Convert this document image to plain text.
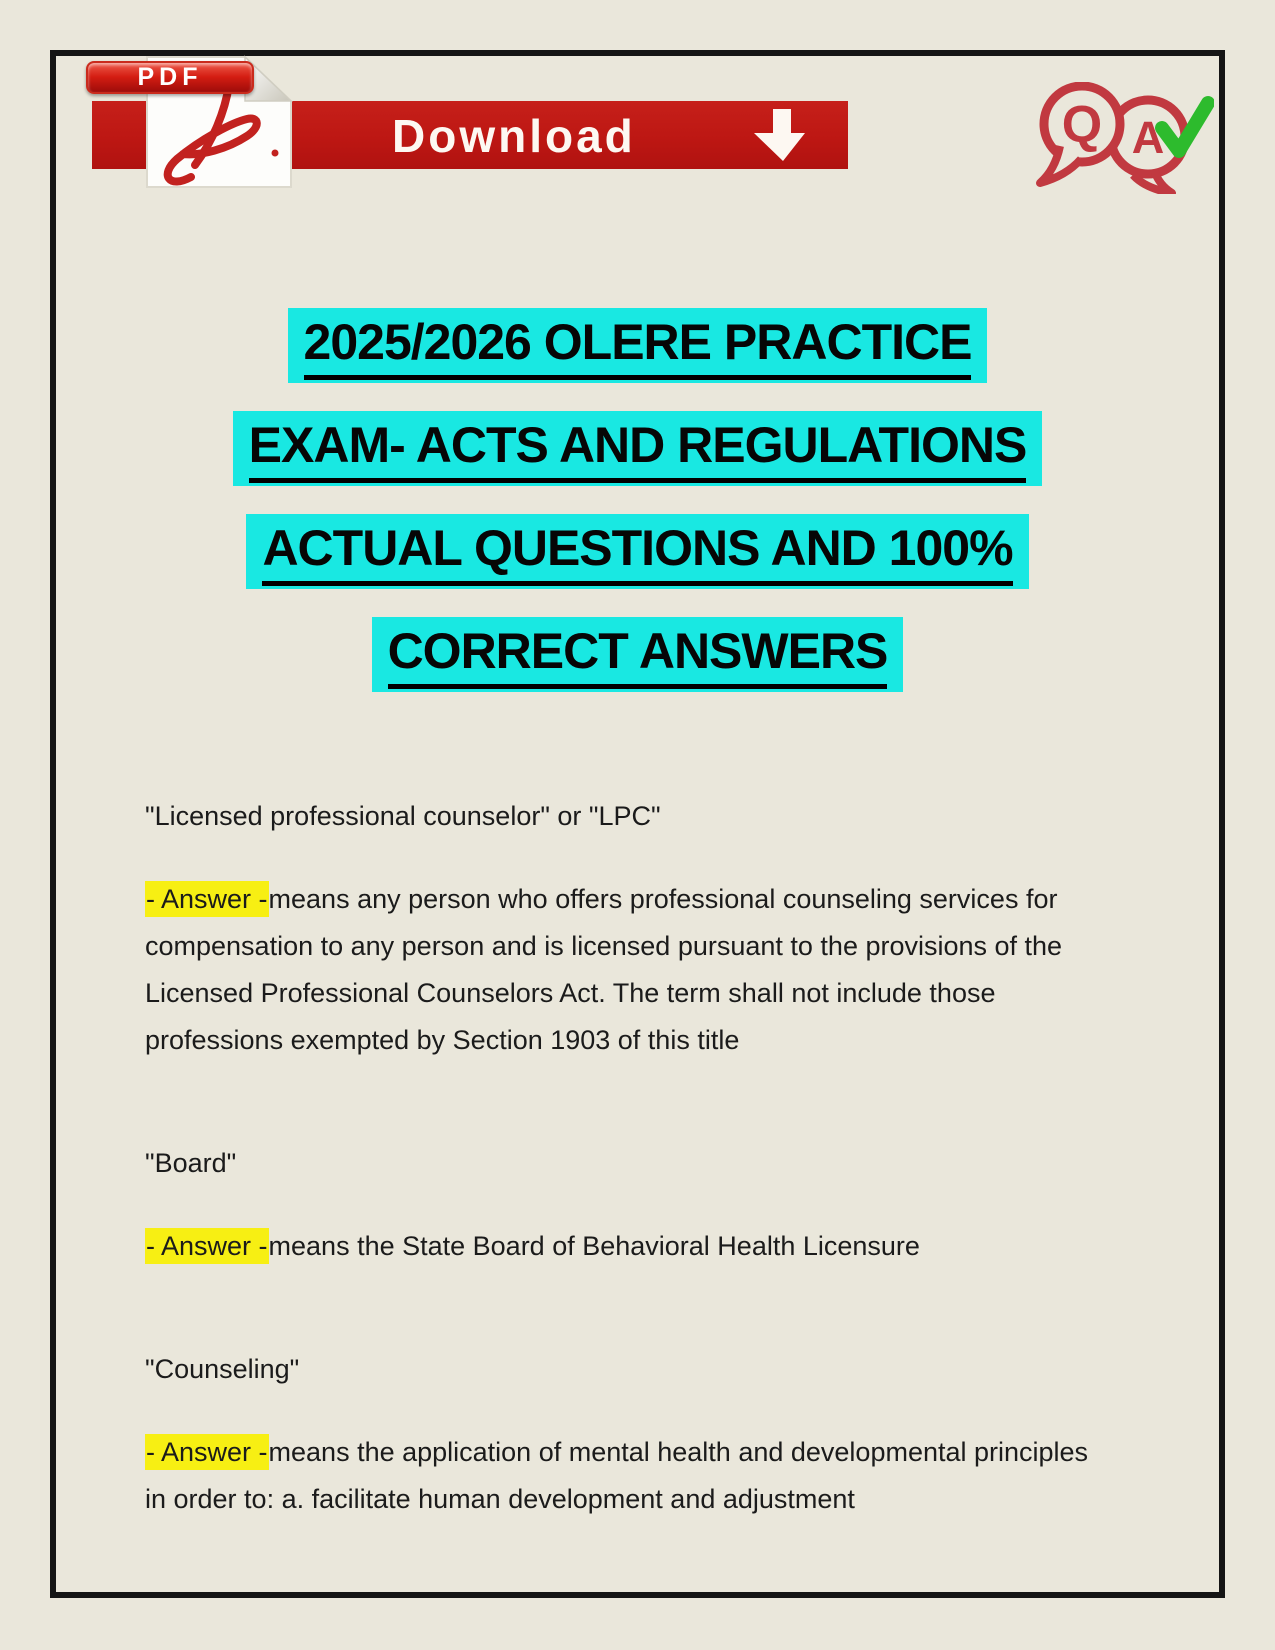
Download
PDF
Q A
2025/2026 OLERE PRACTICE
EXAM- ACTS AND REGULATIONS
ACTUAL QUESTIONS AND 100%
CORRECT ANSWERS

"Licensed professional counselor" or "LPC"

- Answer -means any person who offers professional counseling services for compensation to any person and is licensed pursuant to the provisions of the Licensed Professional Counselors Act. The term shall not include those professions exempted by Section 1903 of this title

"Board"

- Answer -means the State Board of Behavioral Health Licensure

"Counseling"

- Answer -means the application of mental health and developmental principles in order to: a. facilitate human development and adjustment
